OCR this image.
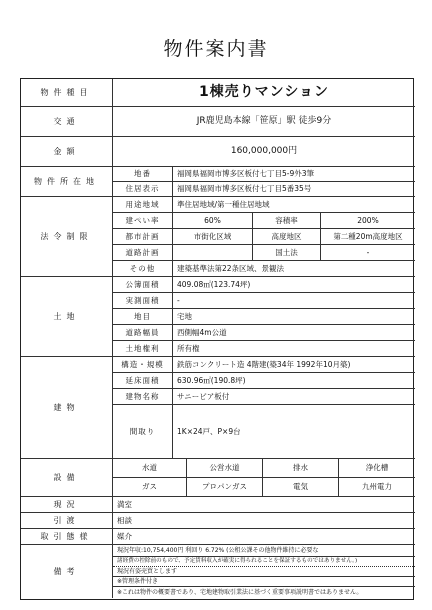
物件案内書
物件種目	1棟売りマンション
交通	JR鹿児島本線「笹原」駅 徒歩9分
金額	160,000,000円
物件所在地
地番	福岡県福岡市博多区板付七丁目5-9外3筆
住居表示	福岡県福岡市博多区板付七丁目5番35号
法令制限
用途地域	準住居地域/第一種住居地域
建ぺい率	60%	容積率	200%
都市計画	市街化区域	高度地区	第二種20m高度地区
道路計画	国土法	-
その他	建築基準法第22条区域、景観法
土地
公簿面積	409.08㎡(123.74坪)
実測面積	-
地目	宅地
道路幅員	西側幅4m公道
土地権利	所有権
建物
構造・規模	鉄筋コンクリート造 4階建(築34年 1992年10月築)
延床面積	630.96㎡(190.8坪)
建物名称	サニービア板付
間取り	1K×24戸、P×9台
設備
水道	公営水道	排水	浄化槽
ガス	プロパンガス	電気	九州電力
現況	満室
引渡	相談
取引態様	媒介
備考
現況年収:10,754,400円 利回り 6.72% (公租公課その他物件維持に必要な
諸経費の控除前のもので、予定賃料収入が確実に得られることを保証するものではありません。)
現況有姿売買とします
※管理条件付き
※これは物件の概要書であり、宅地建物取引業法に基づく重要事項説明書ではありません。
